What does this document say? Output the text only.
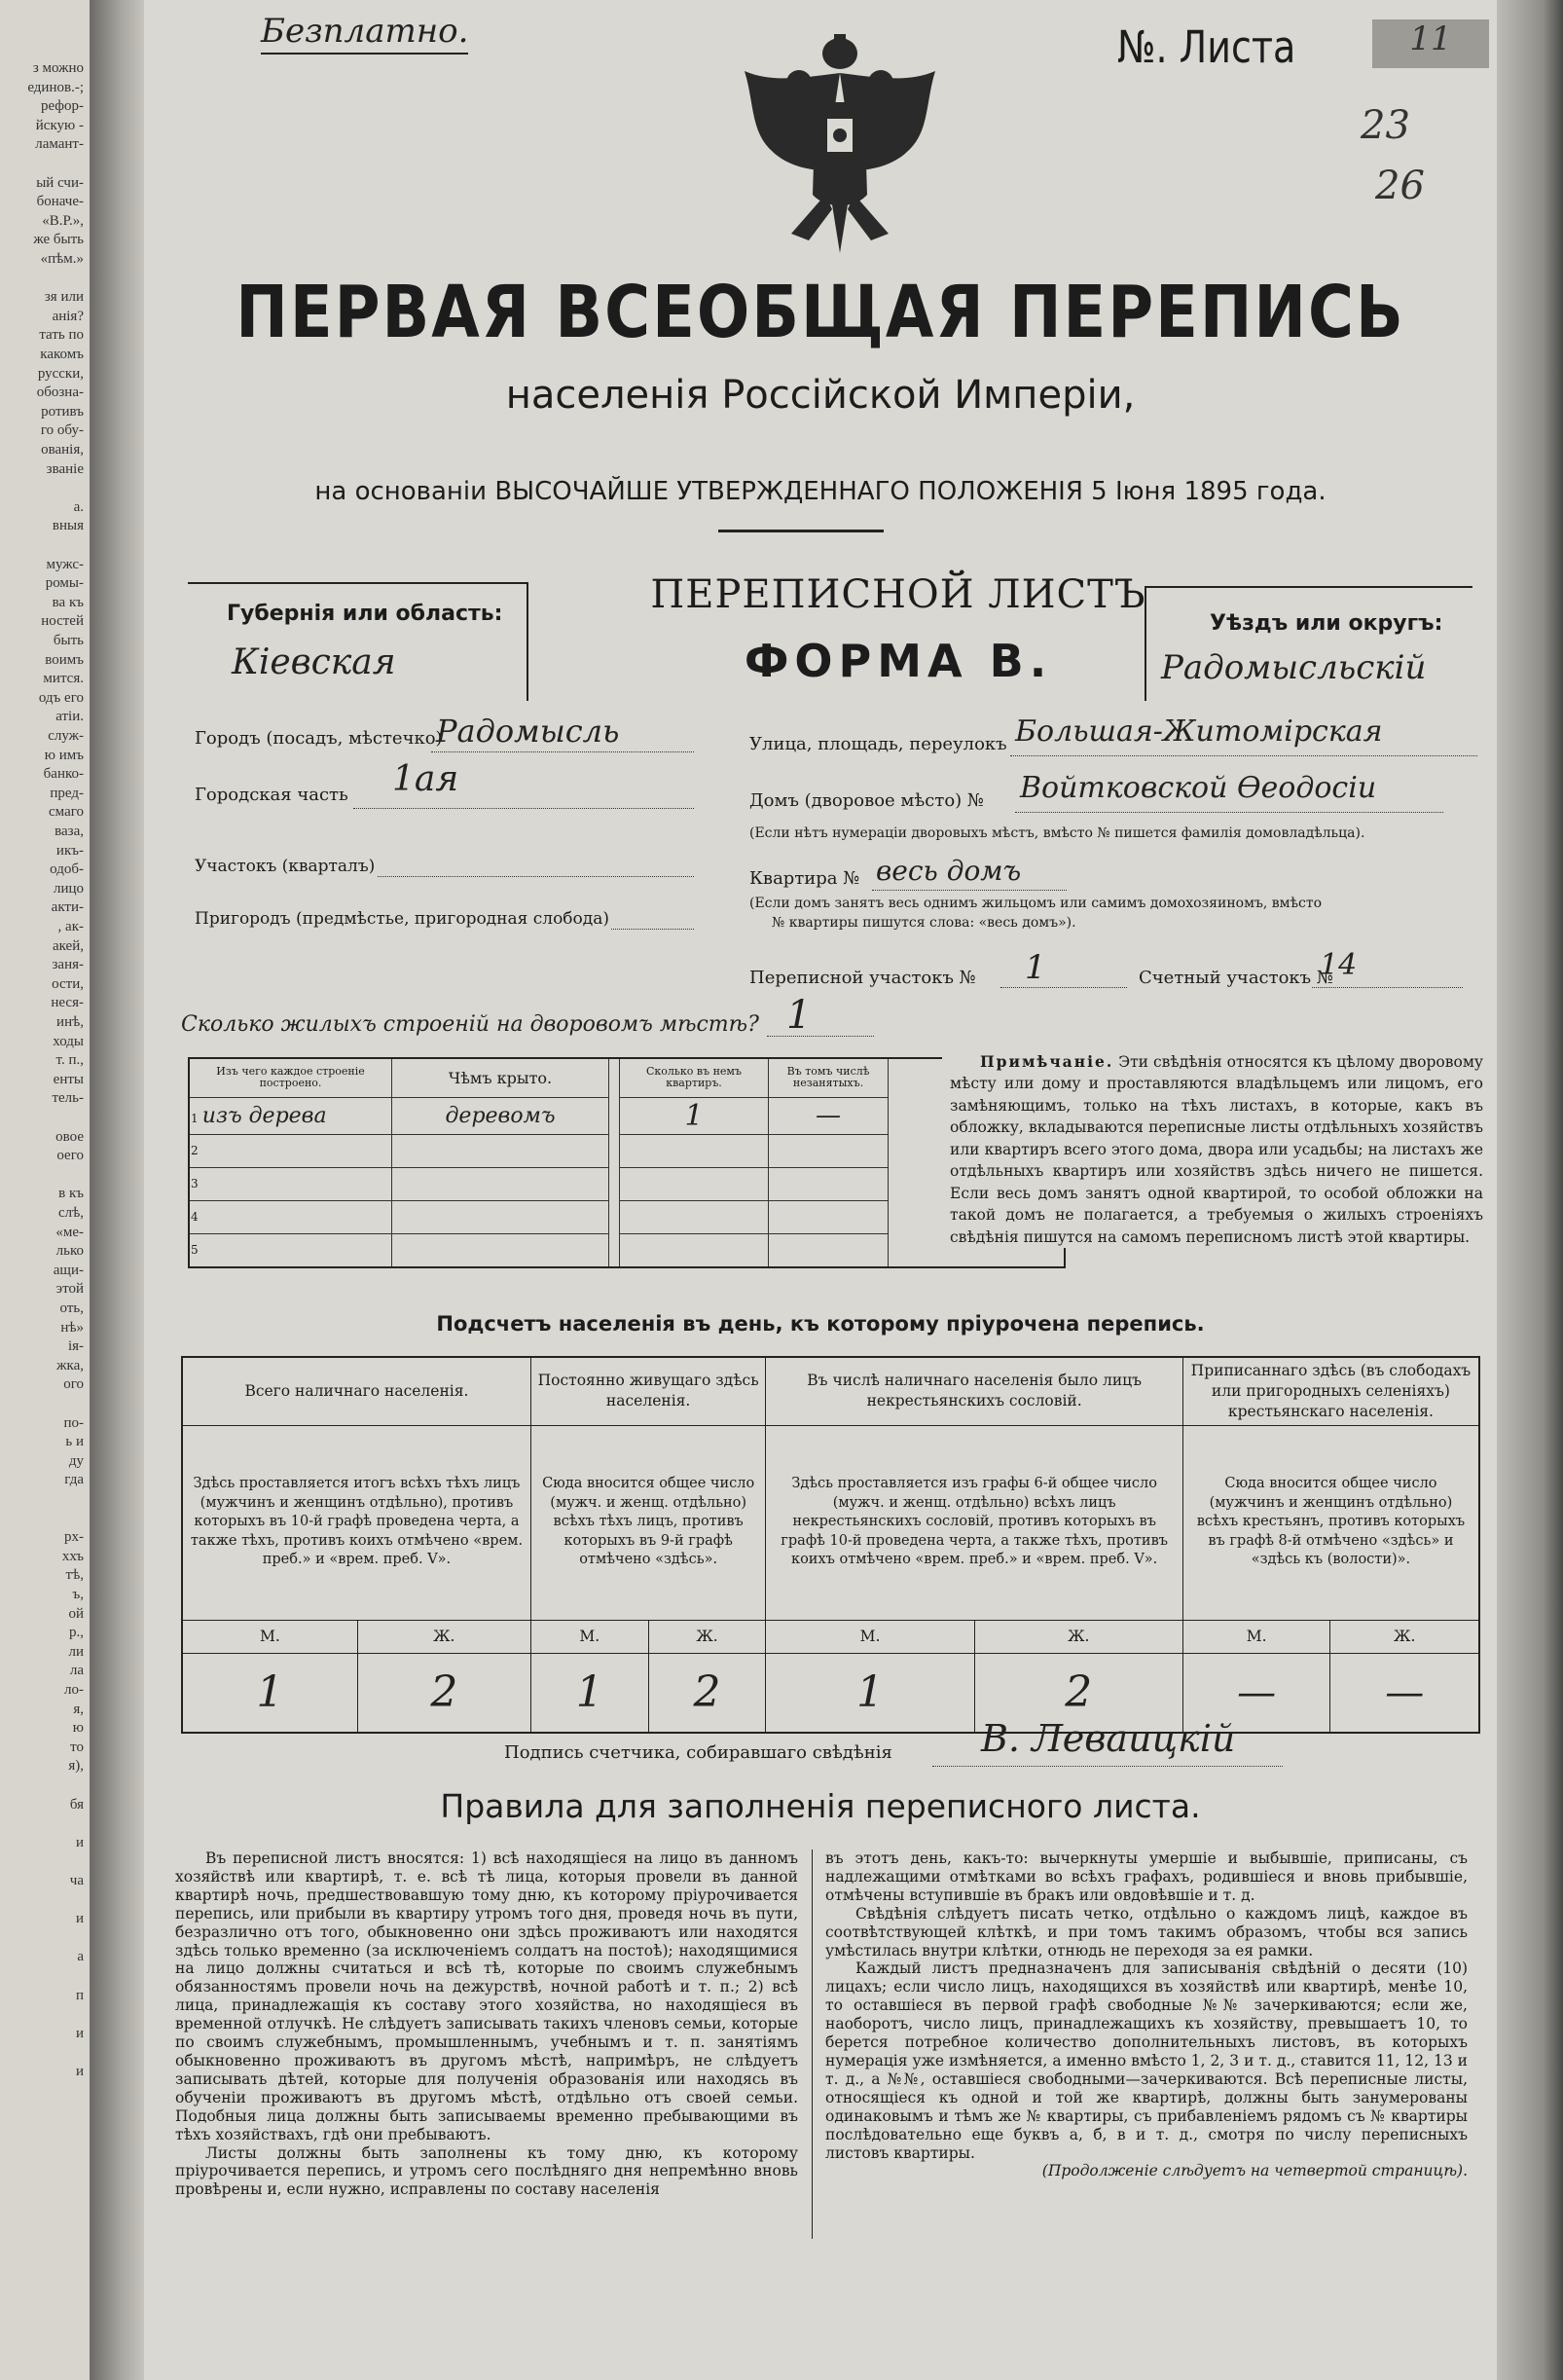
з можно
единов.-;
рефор-
йскую -
ламант-
ый счи-
боначе-
«В.Р.»,
же быть
«пѣм.»
зя или
анія?
тать по
какомъ
русски,
обозна-
ротивъ
го обу-
ованія,
званіе
а.
вныя
мужс-
ромы-
ва къ
ностей
быть
воимъ
мится.
одъ его
атіи.
служ-
ю имъ
банко-
пред-
смаго
ваза,
икъ-
одоб-
лицо
акти-
, ак-
акей,
заня-
ости,
неся-
инѣ,
ходы
т. п.,
енты
тель-
овое
оего
в къ
слѣ,
«ме-
лько
ащи-
этой
оть,
нѣ»
ія-
жка,
ого
по-
ь и
ду
гда
рх-
ххъ
тѣ,
ъ,
ой
р.,
ли
ла
ло-
я,
ю
то
я),
бя
и
ча
и
а
п
и
и
Безплатно.	№. Листа	11
23
26
ПЕРВАЯ ВСЕОБЩАЯ ПЕРЕПИСЬ
населенія Россійской Имперіи,
на основаніи ВЫСОЧАЙШЕ УТВЕРЖДЕННАГО ПОЛОЖЕНІЯ 5 Іюня 1895 года.
Губернія или область:
Кіевская
ПЕРЕПИСНОЙ ЛИСТЪ
ФОРМА В.
Уѣздъ или округъ:
Радомысльскій
Городъ (посадъ, мѣстечко)
Радомысль
Городская часть 1ая
Участокъ (кварталъ)
Пригородъ (предмѣстье, пригородная слобода)
Улица, площадь, переулокъ Большая-Житомірская
Домъ (дворовое мѣсто) № Войтковской Өеодосіи
(Если нѣтъ нумераціи дворовыхъ мѣстъ, вмѣсто № пишется фамилія домовладѣльца).
Квартира № весь домъ
(Если домъ занятъ весь однимъ жильцомъ или самимъ домохозяиномъ, вмѣсто
№ квартиры пишутся слова: «весь домъ»).
Переписной участокъ № 1	Счетный участокъ №
14
Сколько жилыхъ строеній на дворовомъ мѣстѣ? 1
Изъ чего каждое строеніе построено.	Чѣмъ крыто.		Сколько въ немъ квартиръ.	Въ томъ числѣ незанятыхъ.	
1 изъ дерева	деревомъ		1	—	
2					
3					
4					
5					
Примѣчаніе. Эти свѣдѣнія относятся къ цѣлому дворовому мѣсту или дому и проставляются владѣльцемъ или лицомъ, его замѣняющимъ, только на тѣхъ листахъ, в которые, какъ въ обложку, вкладываются переписные листы отдѣльныхъ хозяйствъ или квартиръ всего этого дома, двора или усадьбы; на листахъ же отдѣльныхъ квартиръ или хозяйствъ здѣсь ничего не пишется. Если весь домъ занятъ одной квартирой, то особой обложки на такой домъ не полагается, а требуемыя о жилыхъ строеніяхъ свѣдѣнія пишутся на самомъ переписномъ листѣ этой квартиры.
Подсчетъ населенія въ день, къ которому пріурочена перепись.
Всего наличнаго населенія.		Постоянно живущаго здѣсь населенія.		Въ числѣ наличнаго населенія было лицъ некрестьянскихъ сословій.		Приписаннаго здѣсь (въ слободахъ или пригородныхъ селеніяхъ) крестьянскаго населенія.	
Здѣсь проставляется итогъ всѣхъ тѣхъ лицъ (мужчинъ и женщинъ отдѣльно), противъ которыхъ въ 10-й графѣ проведена черта, а также тѣхъ, противъ коихъ отмѣчено «врем. преб.» и «врем. преб. V».		Сюда вносится общее число (мужч. и женщ. отдѣльно) всѣхъ тѣхъ лицъ, противъ которыхъ въ 9-й графѣ отмѣчено «здѣсь».		Здѣсь проставляется изъ графы 6-й общее число (мужч. и женщ. отдѣльно) всѣхъ лицъ некрестьянскихъ сословій, противъ которыхъ въ графѣ 10-й проведена черта, а также тѣхъ, противъ коихъ отмѣчено «врем. преб.» и «врем. преб. V».		Сюда вносится общее число (мужчинъ и женщинъ отдѣльно) всѣхъ крестьянъ, противъ которыхъ въ графѣ 8-й отмѣчено «здѣсь» и «здѣсь къ (волости)».	
М.	Ж.	М.	Ж.	М.	Ж.	М.	Ж.
1	2	1	2	1	2	—	—
Подпись счетчика, собиравшаго свѣдѣнія В. Леваицкій
Правила для заполненія переписного листа.

Въ переписной листъ вносятся: 1) всѣ находящіеся на лицо въ данномъ хозяйствѣ или квартирѣ, т. е. всѣ тѣ лица, которыя провели въ данной квартирѣ ночь, предшествовавшую тому дню, къ которому пріурочивается перепись, или прибыли въ квартиру утромъ того дня, проведя ночь въ пути, безразлично отъ того, обыкновенно они здѣсь проживаютъ или находятся здѣсь только временно (за исключеніемъ солдатъ на постоѣ); находящимися на лицо должны считаться и всѣ тѣ, которые по своимъ служебнымъ обязанностямъ провели ночь на дежурствѣ, ночной работѣ и т. п.; 2) всѣ лица, принадлежащія къ составу этого хозяйства, но находящіеся въ временной отлучкѣ. Не слѣдуетъ записывать такихъ членовъ семьи, которые по своимъ служебнымъ, промышленнымъ, учебнымъ и т. п. занятіямъ обыкновенно проживаютъ въ другомъ мѣстѣ, напримѣръ, не слѣдуетъ записывать дѣтей, которые для полученія образованія или находясь въ обученіи проживаютъ въ другомъ мѣстѣ, отдѣльно отъ своей семьи. Подобныя лица должны быть записываемы временно пребывающими въ тѣхъ хозяйствахъ, гдѣ они пребываютъ.

Листы должны быть заполнены къ тому дню, къ которому пріурочивается перепись, и утромъ сего послѣдняго дня непремѣнно вновь провѣрены и, если нужно, исправлены по составу населенія

въ этотъ день, какъ-то: вычеркнуты умершіе и выбывшіе, приписаны, съ надлежащими отмѣтками во всѣхъ графахъ, родившіеся и вновь прибывшіе, отмѣчены вступившіе въ бракъ или овдовѣвшіе и т. д.

Свѣдѣнія слѣдуетъ писать четко, отдѣльно о каждомъ лицѣ, каждое въ соотвѣтствующей клѣткѣ, и при томъ такимъ образомъ, чтобы вся запись умѣстилась внутри клѣтки, отнюдь не переходя за ея рамки.

Каждый листъ предназначенъ для записыванія свѣдѣній о десяти (10) лицахъ; если число лицъ, находящихся въ хозяйствѣ или квартирѣ, менѣе 10, то оставшіеся въ первой графѣ свободные №№ зачеркиваются; если же, наоборотъ, число лицъ, принадлежащихъ къ хозяйству, превышаетъ 10, то берется потребное количество дополнительныхъ листовъ, въ которыхъ нумерація уже измѣняется, а именно вмѣсто 1, 2, 3 и т. д., ставится 11, 12, 13 и т. д., а №№, оставшіеся свободными—зачеркиваются. Всѣ переписные листы, относящіеся къ одной и той же квартирѣ, должны быть занумерованы одинаковымъ и тѣмъ же № квартиры, съ прибавленіемъ рядомъ съ № квартиры послѣдовательно еще буквъ а, б, в и т. д., смотря по числу переписныхъ листовъ квартиры.

(Продолженіе слѣдуетъ на четвертой страницѣ).
